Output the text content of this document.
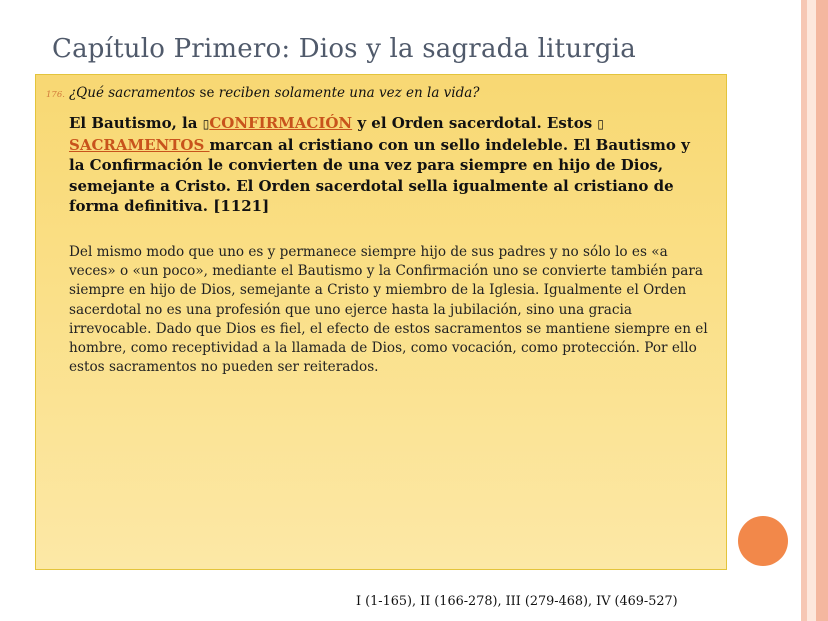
Capítulo Primero: Dios y la sagrada liturgia
176. ¿Qué sacramentos se reciben solamente una vez en la vida?
El Bautismo, la ▯CONFIRMACIÓN y el Orden sacerdotal. Estos ▯
SACRAMENTOS marcan al cristiano con un sello indeleble. El Bautismo y la Confirmación le convierten de una vez para siempre en hijo de Dios, semejante a Cristo. El Orden sacerdotal sella igualmente al cristiano de forma definitiva. [1121]
Del mismo modo que uno es y permanece siempre hijo de sus padres y no sólo lo es «a veces» o «un poco», mediante el Bautismo y la Confirmación uno se convierte también para siempre en hijo de Dios, semejante a Cristo y miembro de la Iglesia. Igualmente el Orden sacerdotal no es una profesión que uno ejerce hasta la jubilación, sino una gracia irrevocable. Dado que Dios es fiel, el efecto de estos sacramentos se mantiene siempre en el hombre, como receptividad a la llamada de Dios, como vocación, como protección. Por ello estos sacramentos no pueden ser reiterados.
I (1-165), II (166-278), III (279-468), IV (469-527)
